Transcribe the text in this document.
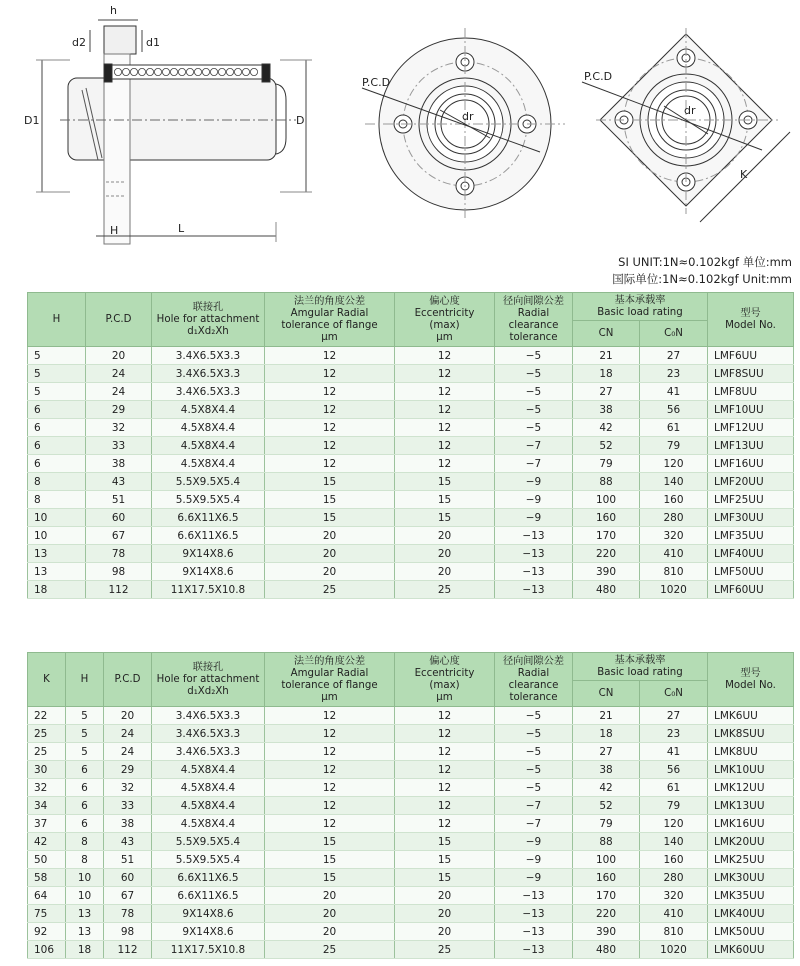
h
d2	d1
D1	D
H	L
P.C.D
dr
P.C.D
dr
K
SI UNIT:1N≈0.102kgf 单位:mm
国际单位:1N≈0.102kgf Unit:mm
H	P.C.D	联接孔
Hole for attachment
d₁Xd₂Xh	法兰的角度公差
Amgular Radial
tolerance of flange
μm	偏心度
Eccentricity
(max)
μm	径向间隙公差
Radial
clearance
tolerance	基本承载率
Basic load rating		型号
Model No.

						CN	C₀N	
5	20	3.4X6.5X3.3	12	12	−5	21	27	LMF6UU
5	24	3.4X6.5X3.3	12	12	−5	18	23	LMF8SUU
5	24	3.4X6.5X3.3	12	12	−5	27	41	LMF8UU
6	29	4.5X8X4.4	12	12	−5	38	56	LMF10UU
6	32	4.5X8X4.4	12	12	−5	42	61	LMF12UU
6	33	4.5X8X4.4	12	12	−7	52	79	LMF13UU
6	38	4.5X8X4.4	12	12	−7	79	120	LMF16UU
8	43	5.5X9.5X5.4	15	15	−9	88	140	LMF20UU
8	51	5.5X9.5X5.4	15	15	−9	100	160	LMF25UU
10	60	6.6X11X6.5	15	15	−9	160	280	LMF30UU
10	67	6.6X11X6.5	20	20	−13	170	320	LMF35UU
13	78	9X14X8.6	20	20	−13	220	410	LMF40UU
13	98	9X14X8.6	20	20	−13	390	810	LMF50UU
18	112	11X17.5X10.8	25	25	−13	480	1020	LMF60UU
K	H	P.C.D	联接孔
Hole for attachment
d₁Xd₂Xh	法兰的角度公差
Amgular Radial
tolerance of flange
μm	偏心度
Eccentricity
(max)
μm	径向间隙公差
Radial
clearance
tolerance	基本承载率
Basic load rating		型号
Model No.

							CN	C₀N	
22	5	20	3.4X6.5X3.3	12	12	−5	21	27	LMK6UU
25	5	24	3.4X6.5X3.3	12	12	−5	18	23	LMK8SUU
25	5	24	3.4X6.5X3.3	12	12	−5	27	41	LMK8UU
30	6	29	4.5X8X4.4	12	12	−5	38	56	LMK10UU
32	6	32	4.5X8X4.4	12	12	−5	42	61	LMK12UU
34	6	33	4.5X8X4.4	12	12	−7	52	79	LMK13UU
37	6	38	4.5X8X4.4	12	12	−7	79	120	LMK16UU
42	8	43	5.5X9.5X5.4	15	15	−9	88	140	LMK20UU
50	8	51	5.5X9.5X5.4	15	15	−9	100	160	LMK25UU
58	10	60	6.6X11X6.5	15	15	−9	160	280	LMK30UU
64	10	67	6.6X11X6.5	20	20	−13	170	320	LMK35UU
75	13	78	9X14X8.6	20	20	−13	220	410	LMK40UU
92	13	98	9X14X8.6	20	20	−13	390	810	LMK50UU
106	18	112	11X17.5X10.8	25	25	−13	480	1020	LMK60UU
